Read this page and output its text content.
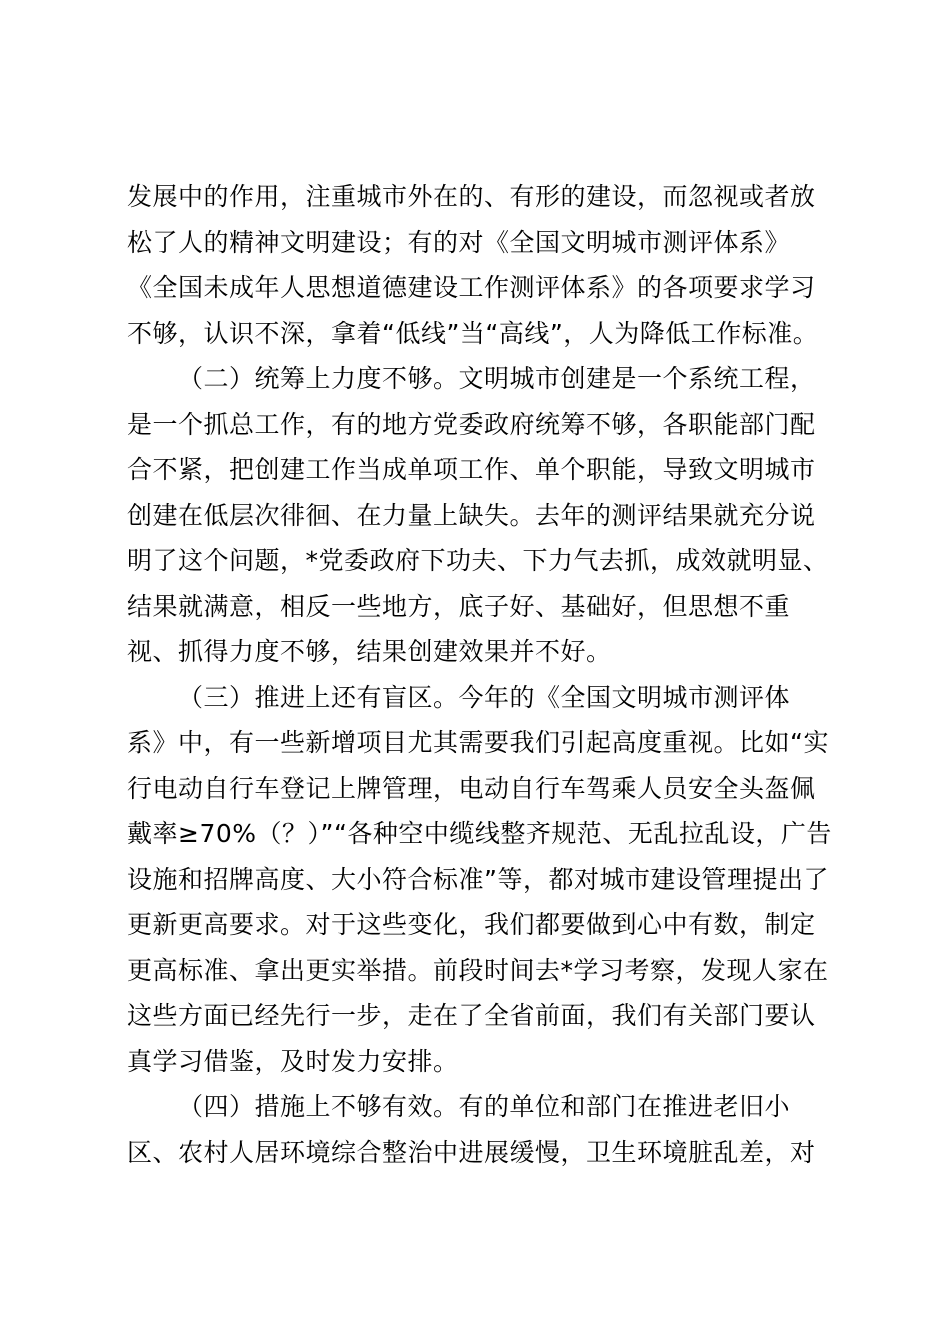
发展中的作用，注重城市外在的、有形的建设，而忽视或者放
松了人的精神文明建设；有的对《全国文明城市测评体系》
《全国未成年人思想道德建设工作测评体系》的各项要求学习
不够，认识不深，拿着“低线”当“高线”，人为降低工作标准。
（二）统筹上力度不够。文明城市创建是一个系统工程，
是一个抓总工作，有的地方党委政府统筹不够，各职能部门配
合不紧，把创建工作当成单项工作、单个职能，导致文明城市
创建在低层次徘徊、在力量上缺失。去年的测评结果就充分说
明了这个问题，*党委政府下功夫、下力气去抓，成效就明显、
结果就满意，相反一些地方，底子好、基础好，但思想不重
视、抓得力度不够，结果创建效果并不好。
（三）推进上还有盲区。今年的《全国文明城市测评体
系》中，有一些新增项目尤其需要我们引起高度重视。比如“实
行电动自行车登记上牌管理，电动自行车驾乘人员安全头盔佩
戴率≥70%（？）”“各种空中缆线整齐规范、无乱拉乱设，广告
设施和招牌高度、大小符合标准”等，都对城市建设管理提出了
更新更高要求。对于这些变化，我们都要做到心中有数，制定
更高标准、拿出更实举措。前段时间去*学习考察，发现人家在
这些方面已经先行一步，走在了全省前面，我们有关部门要认
真学习借鉴，及时发力安排。
（四）措施上不够有效。有的单位和部门在推进老旧小
区、农村人居环境综合整治中进展缓慢，卫生环境脏乱差，对
